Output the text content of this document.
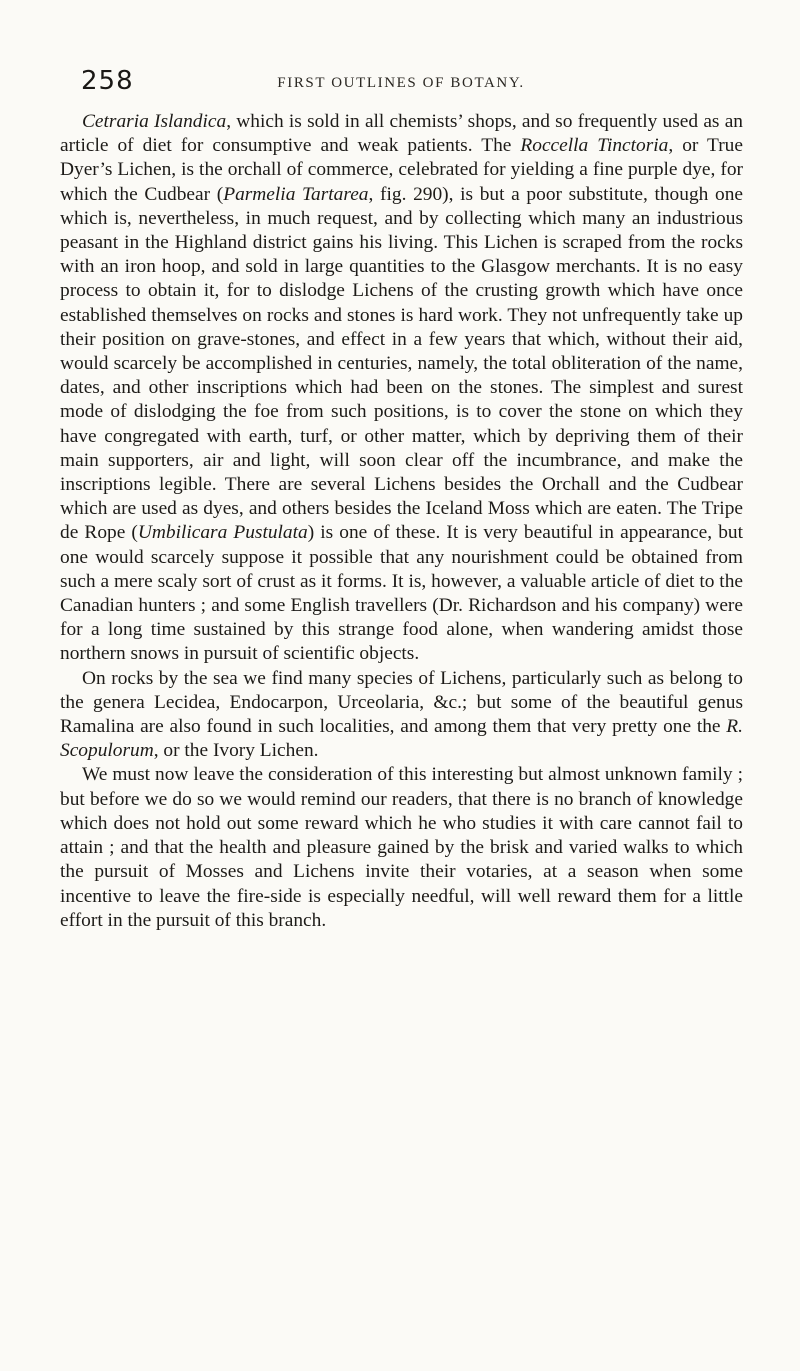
258	FIRST OUTLINES OF BOTANY.

Cetraria Islandica, which is sold in all chemists’ shops, and so frequently used as an article of diet for consumptive and weak patients. The Roccella Tinctoria, or True Dyer’s Lichen, is the orchall of commerce, celebrated for yielding a fine purple dye, for which the Cudbear (Parmelia Tartarea, fig. 290), is but a poor substitute, though one which is, nevertheless, in much request, and by collecting which many an industrious peasant in the Highland district gains his living. This Lichen is scraped from the rocks with an iron hoop, and sold in large quantities to the Glasgow merchants. It is no easy process to obtain it, for to dislodge Lichens of the crusting growth which have once established themselves on rocks and stones is hard work. They not unfrequently take up their position on grave-stones, and effect in a few years that which, without their aid, would scarcely be accomplished in centuries, namely, the total obliteration of the name, dates, and other inscriptions which had been on the stones. The simplest and surest mode of dislodging the foe from such positions, is to cover the stone on which they have congregated with earth, turf, or other matter, which by depriving them of their main supporters, air and light, will soon clear off the incumbrance, and make the inscriptions legible. There are several Lichens besides the Orchall and the Cudbear which are used as dyes, and others besides the Iceland Moss which are eaten. The Tripe de Rope (Umbilicara Pustulata) is one of these. It is very beautiful in appearance, but one would scarcely suppose it possible that any nourishment could be obtained from such a mere scaly sort of crust as it forms. It is, however, a valuable article of diet to the Canadian hunters ; and some English travellers (Dr. Richardson and his company) were for a long time sustained by this strange food alone, when wandering amidst those northern snows in pursuit of scientific objects.

On rocks by the sea we find many species of Lichens, particularly such as belong to the genera Lecidea, Endocarpon, Urceolaria, &c.; but some of the beautiful genus Ramalina are also found in such localities, and among them that very pretty one the R. Scopulorum, or the Ivory Lichen.

We must now leave the consideration of this interesting but almost unknown family ; but before we do so we would remind our readers, that there is no branch of knowledge which does not hold out some reward which he who studies it with care cannot fail to attain ; and that the health and pleasure gained by the brisk and varied walks to which the pursuit of Mosses and Lichens invite their votaries, at a season when some incentive to leave the fire-side is especially needful, will well reward them for a little effort in the pursuit of this branch.
